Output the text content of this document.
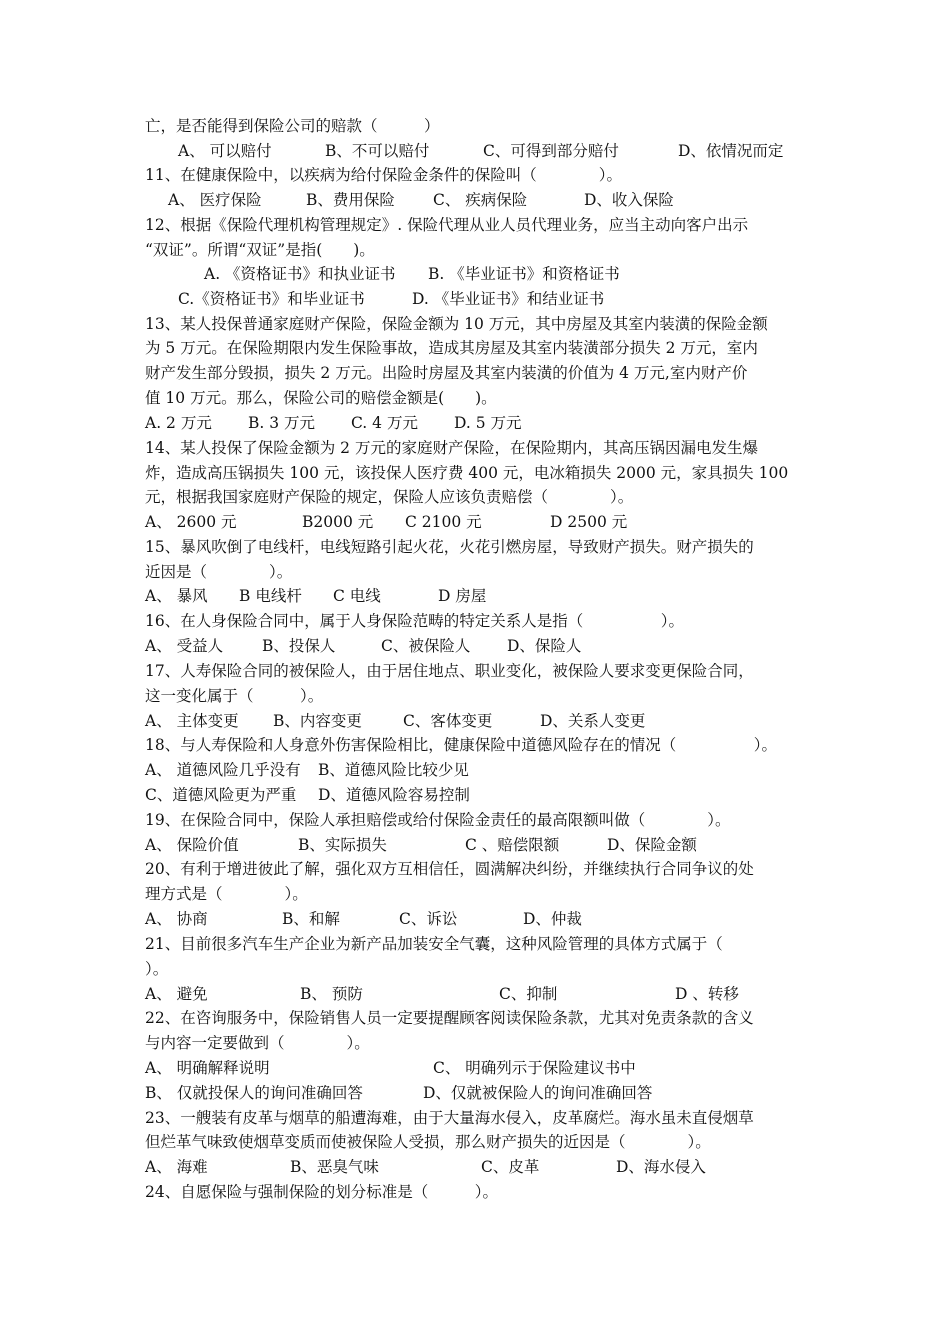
亡，是否能得到保险公司的赔款（　　　）
A、 可以赔付	B、不可以赔付	C、可得到部分赔付	D、依情况而定
11、在健康保险中，以疾病为给付保险金条件的保险叫（　　　　）。
A、 医疗保险	B、费用保险 C、 疾病保险	D、收入保险
12、根据《保险代理机构管理规定》. 保险代理从业人员代理业务，应当主动向客户出示
“双证”。所谓“双证”是指(　　)。
A. 《资格证书》和执业证书 B. 《毕业证书》和资格证书
C.《资格证书》和毕业证书	D. 《毕业证书》和结业证书
13、某人投保普通家庭财产保险，保险金额为 10 万元，其中房屋及其室内装潢的保险金额
为 5 万元。在保险期限内发生保险事故，造成其房屋及其室内装潢部分损失 2 万元，室内
财产发生部分毁损，损失 2 万元。出险时房屋及其室内装潢的价值为 4 万元,室内财产价
值 10 万元。那么，保险公司的赔偿金额是(　　)。
A. 2 万元 B. 3 万元 C. 4 万元 D. 5 万元
14、某人投保了保险金额为 2 万元的家庭财产保险，在保险期内，其高压锅因漏电发生爆
炸，造成高压锅损失 100 元，该投保人医疗费 400 元，电冰箱损失 2000 元，家具损失 100
元，根据我国家庭财产保险的规定，保险人应该负责赔偿（　　　　）。
A、 2600 元	B2000 元 C 2100 元	D 2500 元
15、暴风吹倒了电线杆，电线短路引起火花，火花引燃房屋，导致财产损失。财产损失的
近因是（　　　　）。
A、 暴风 B 电线杆 C 电线	D 房屋
16、在人身保险合同中，属于人身保险范畴的特定关系人是指（　　　　　）。
A、 受益人	B、投保人	C、被保险人 D、保险人
17、人寿保险合同的被保险人，由于居住地点、职业变化，被保险人要求变更保险合同，
这一变化属于（　　　）。
A、 主体变更 B、内容变更	C、客体变更	D、关系人变更
18、与人寿保险和人身意外伤害保险相比，健康保险中道德风险存在的情况（　　　　　）。
A、 道德风险几乎没有 B、道德风险比较少见
C、道德风险更为严重 D、道德风险容易控制
19、在保险合同中，保险人承担赔偿或给付保险金责任的最高限额叫做（　　　　）。
A、 保险价值	B、实际损失	C 、赔偿限额	D、保险金额
20、有利于增进彼此了解，强化双方互相信任，圆满解决纠纷，并继续执行合同争议的处
理方式是（　　　　）。
A、 协商	B、和解	C、诉讼	D、仲裁
21、目前很多汽车生产企业为新产品加装安全气囊，这种风险管理的具体方式属于（
）。
A、 避免	B、 预防	C、抑制	D 、转移
22、在咨询服务中，保险销售人员一定要提醒顾客阅读保险条款，尤其对免责条款的含义
与内容一定要做到（　　　　）。
A、 明确解释说明	C、 明确列示于保险建议书中
B、 仅就投保人的询问准确回答	D、仅就被保险人的询问准确回答
23、一艘装有皮革与烟草的船遭海难，由于大量海水侵入，皮革腐烂。海水虽未直侵烟草
但烂革气味致使烟草变质而使被保险人受损，那么财产损失的近因是（　　　　）。
A、 海难	B、恶臭气味	C、皮革	D、海水侵入
24、自愿保险与强制保险的划分标准是（　　　）。
